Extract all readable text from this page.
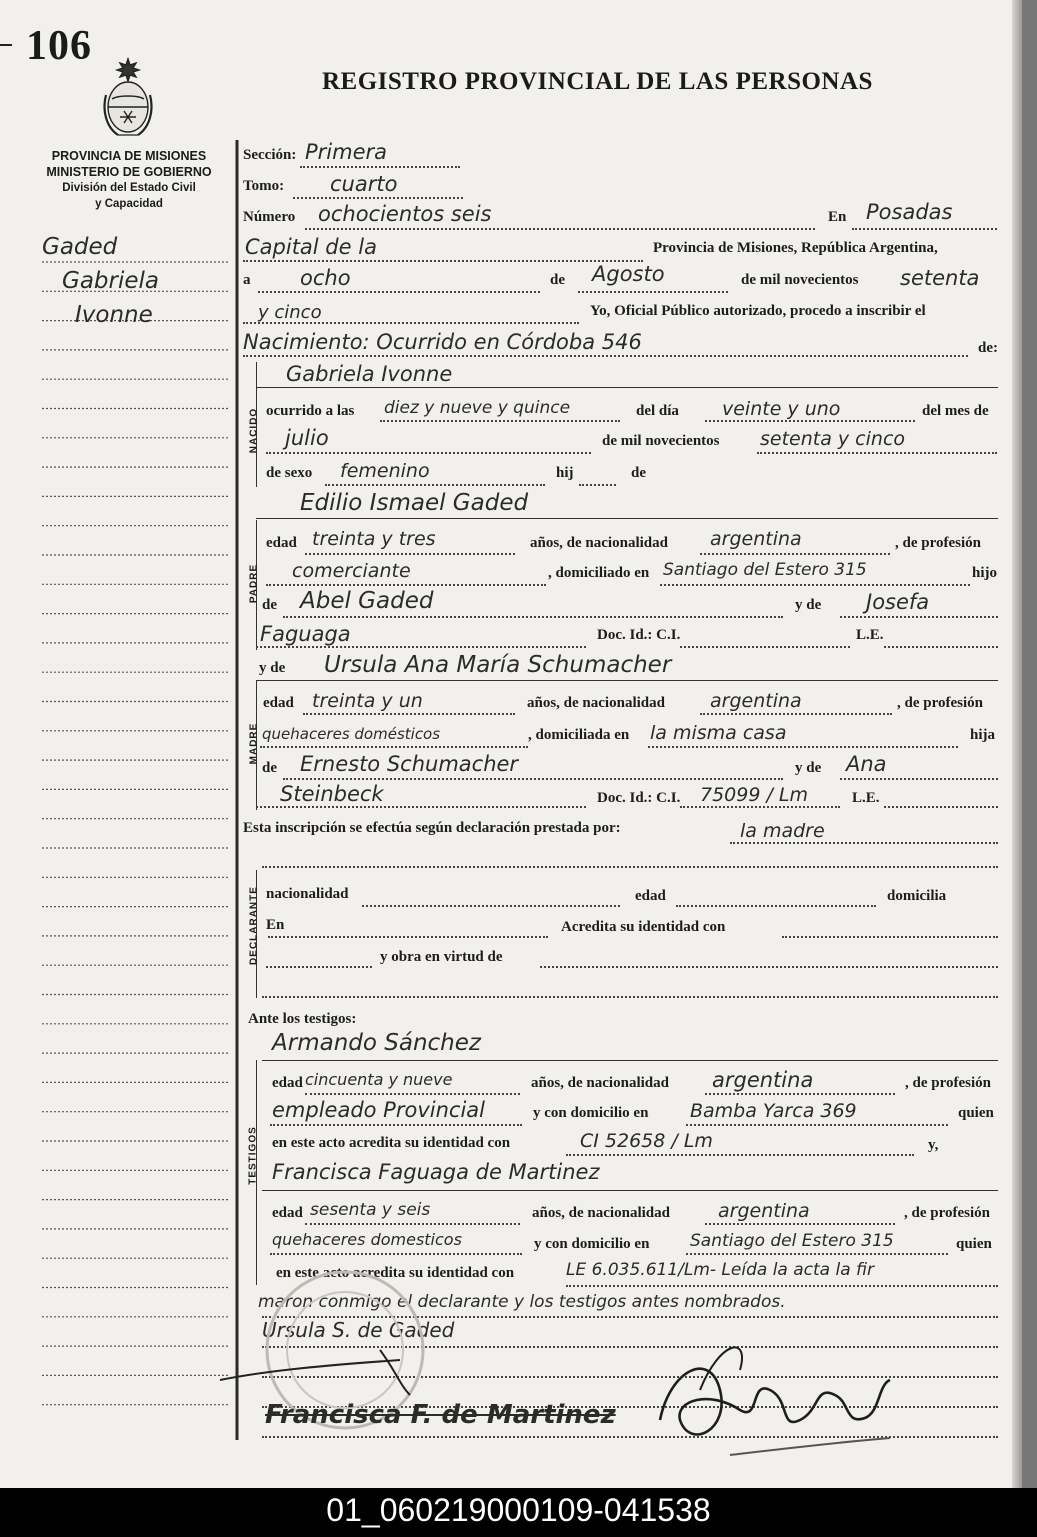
106
REGISTRO PROVINCIAL DE LAS PERSONAS
PROVINCIA DE MISIONES
MINISTERIO DE GOBIERNO
División del Estado Civil
y Capacidad
Gaded
Gabriela
Ivonne
Sección: Primera
Tomo: cuarto
Número ochocientos seis	En Posadas
Capital de la	Provincia de Misiones, República Argentina,
a ocho	de Agosto	de mil novecientos setenta
y cinco	Yo, Oficial Público autorizado, procedo a inscribir el
Nacimiento: Ocurrido en Córdoba 546	de:
NACIDO
Gabriela Ivonne
ocurrido a las diez y nueve y quince	del día veinte y uno	del mes de
julio	de mil novecientos setenta y cinco
de sexo femenino	hij	de
Edilio Ismael Gaded
PADRE
edad treinta y tres	años, de nacionalidad argentina	, de profesión
comerciante	, domiciliado en Santiago del Estero 315	hijo
de Abel Gaded	y de Josefa
Faguaga	Doc. Id.: C.I.	L.E.
y de Ursula Ana María Schumacher
MADRE
edad treinta y un	años, de nacionalidad argentina	, de profesión
quehaceres domésticos	, domiciliada en la misma casa	hija
de Ernesto Schumacher	y de Ana
Steinbeck	Doc. Id.: C.I. 75099 / Lm	L.E.
Esta inscripción se efectúa según declaración prestada por:	la madre
DECLARANTE nacionalidad	edad	domicilia
En	Acredita su identidad con
y obra en virtud de
Ante los testigos:
Armando Sánchez
TESTIGOS
edad cincuenta y nueve	años, de nacionalidad argentina	, de profesión
empleado Provincial	y con domicilio en Bamba Yarca 369	quien
en este acto acredita su identidad con	CI 52658 / Lm	y,
Francisca Faguaga de Martinez
edad sesenta y seis	años, de nacionalidad	argentina	, de profesión
quehaceres domesticos	y con domicilio en Santiago del Estero 315	quien
en este acto acredita su identidad con	LE 6.035.611/Lm- Leída la acta la fir
maron conmigo el declarante y los testigos antes nombrados.
Ursula S. de Gaded
Francisca F. de Martinez
01_060219000109-041538
